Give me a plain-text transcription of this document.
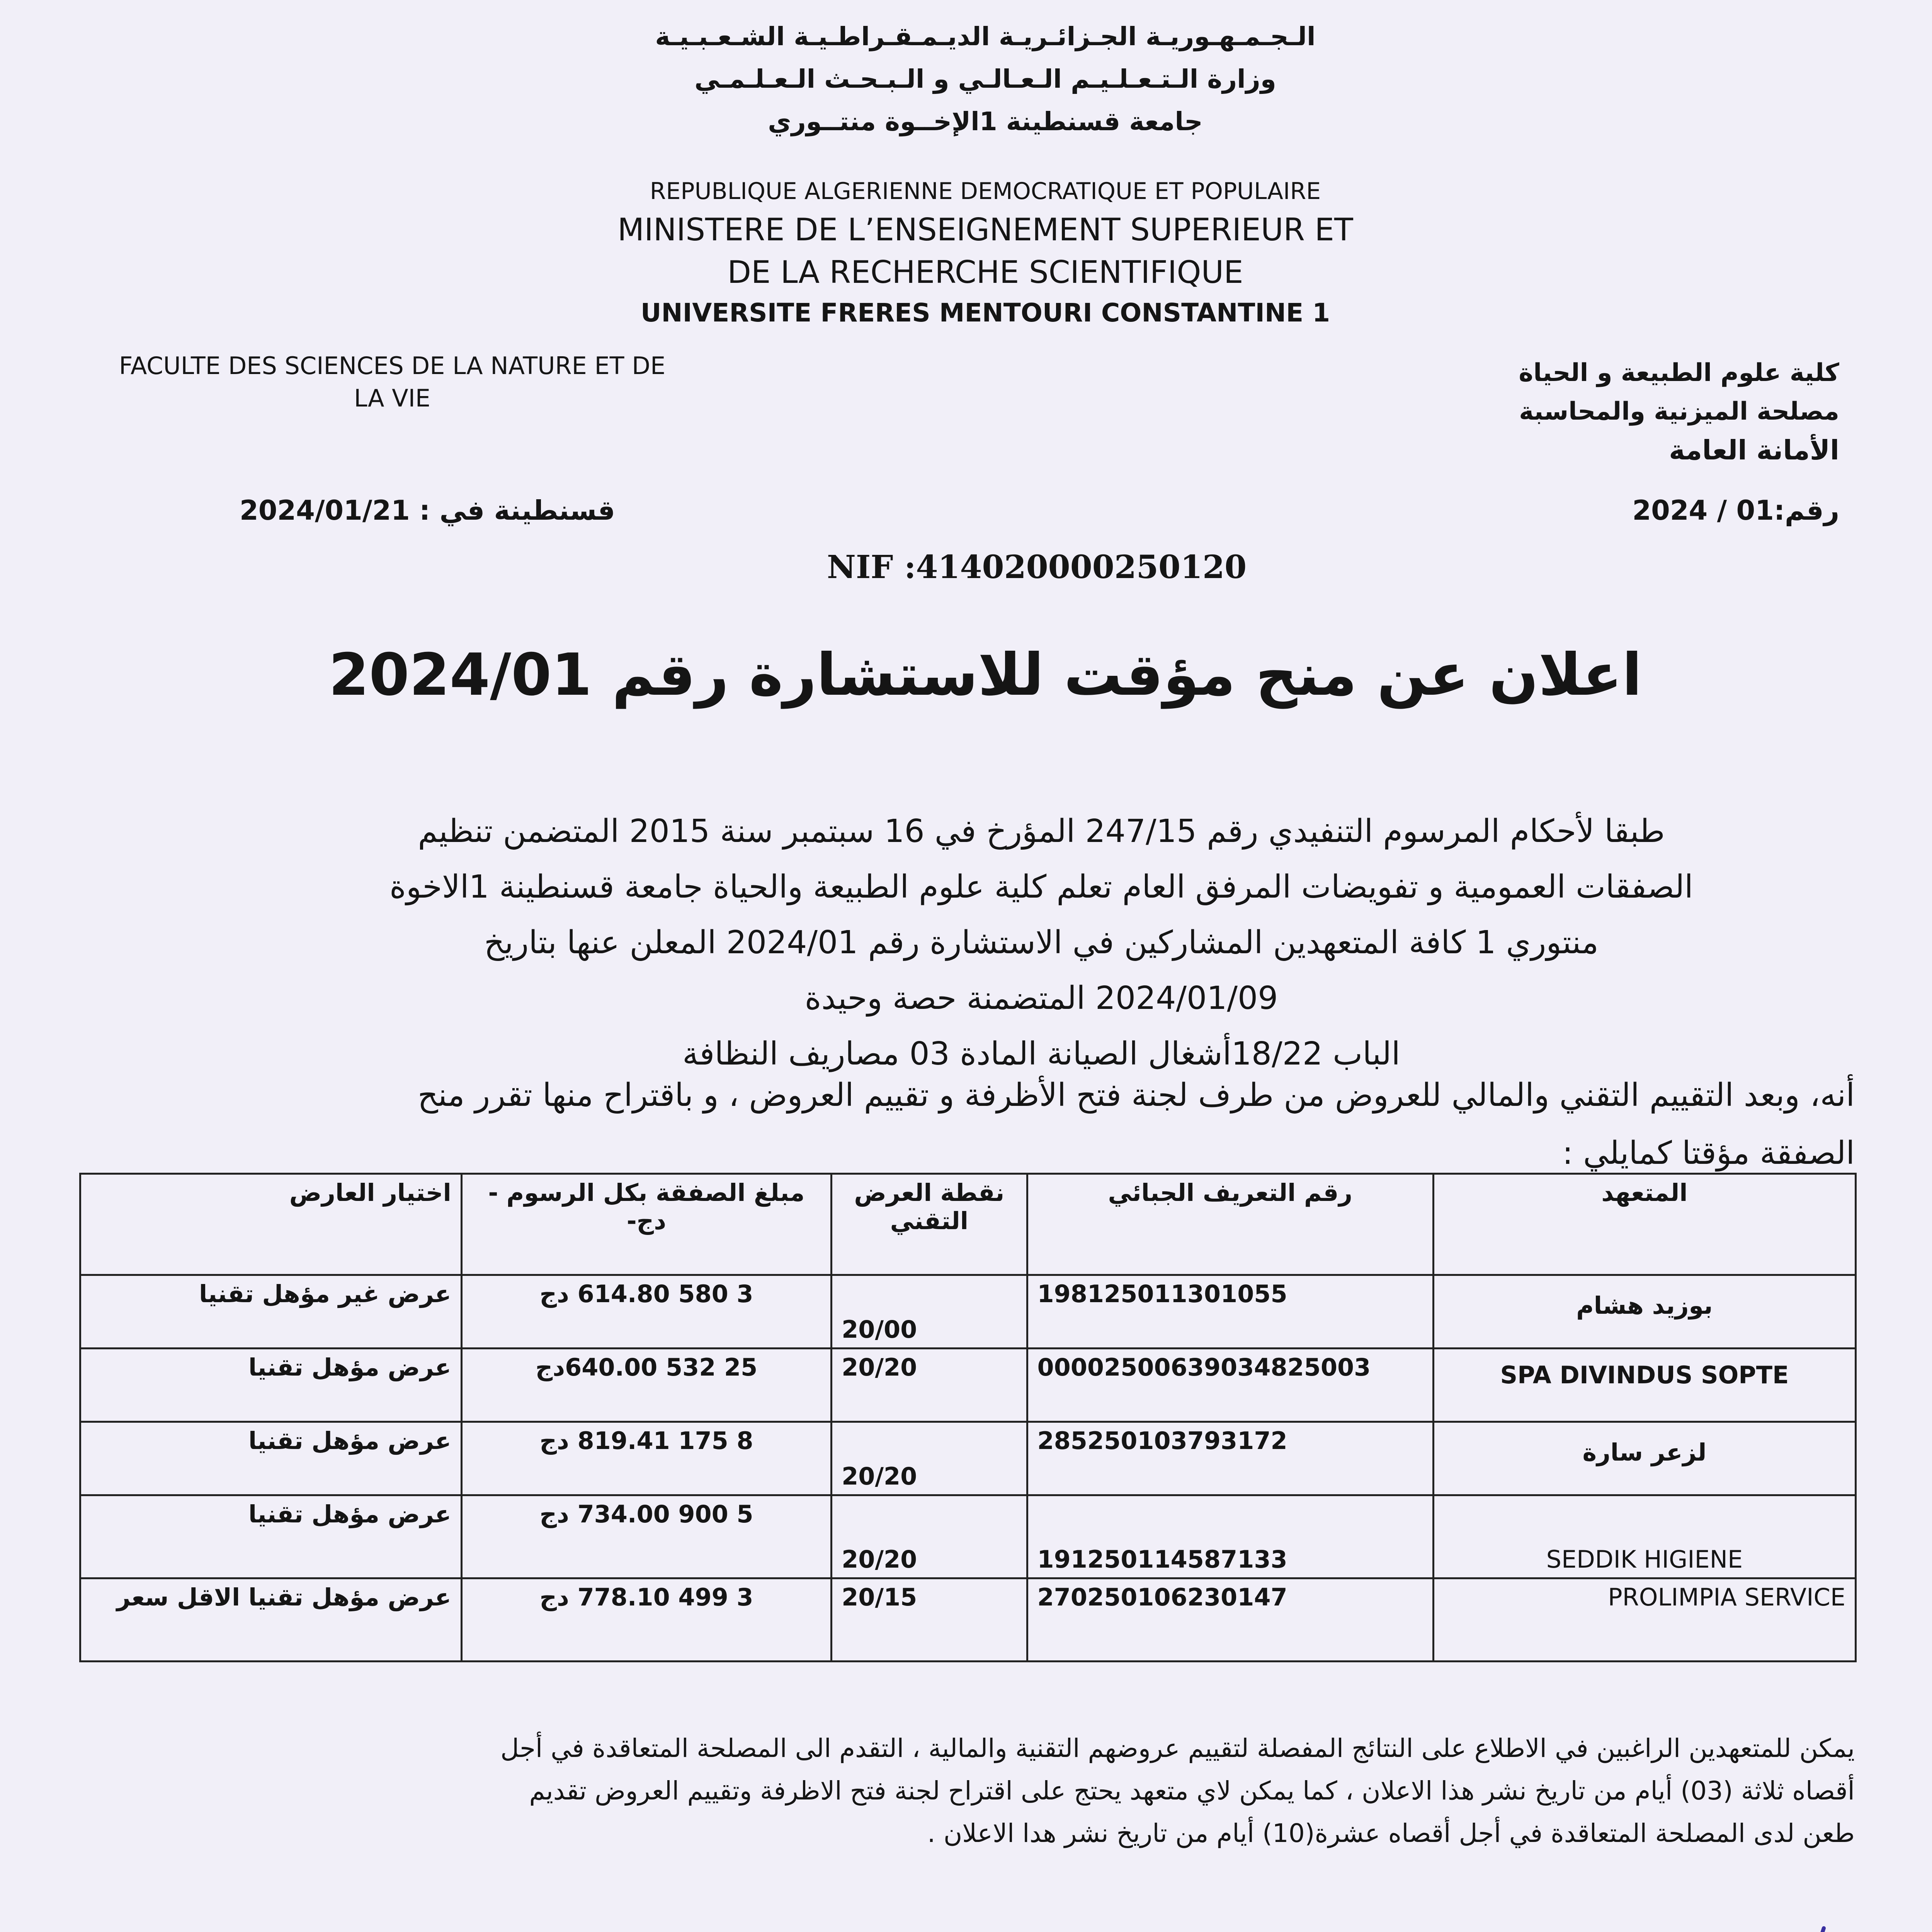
الـجـمـهـوريـة الجـزائـريـة الديـمـقـراطـيـة الشـعـبـيـة
وزارة الـتـعـلـيـم الـعـالـي و الـبـحـث الـعـلـمـي
جامعة قسنطينة 1الإخــوة منتــوري
REPUBLIQUE ALGERIENNE DEMOCRATIQUE ET POPULAIRE
MINISTERE DE L’ENSEIGNEMENT SUPERIEUR ET
DE LA RECHERCHE SCIENTIFIQUE
UNIVERSITE FRERES MENTOURI CONSTANTINE 1
FACULTE DES SCIENCES DE LA NATURE ET DE
LA VIE
كلية علوم الطبيعة و الحياة
مصلحة الميزنية والمحاسبة
الأمانة العامة
رقم:01 / 2024
قسنطينة في : 2024/01/21
NIF :414020000250120
اعلان عن منح مؤقت للاستشارة رقم 2024/01
طبقا لأحكام المرسوم التنفيدي رقم 247/15 المؤرخ في 16 سبتمبر سنة 2015 المتضمن تنظيم
الصفقات العمومية و تفويضات المرفق العام تعلم كلية علوم الطبيعة والحياة جامعة قسنطينة 1الاخوة
منتوري 1 كافة المتعهدين المشاركين في الاستشارة رقم 2024/01 المعلن عنها بتاريخ
2024/01/09 المتضمنة حصة وحيدة
الباب 18/22أشغال الصيانة المادة 03 مصاريف النظافة
أنه، وبعد التقييم التقني والمالي للعروض من طرف لجنة فتح الأظرفة و تقييم العروض ، و باقتراح منها تقرر منح
الصفقة مؤقتا كمايلي :
اختيار العارض	مبلغ الصفقة بكل الرسوم - دج-	نقطة العرض التقني	رقم التعريف الجبائي	المتعهد
عرض غير مؤهل تقنيا	3 580 614.80 دج	20/00	198125011301055	بوزيد هشام
عرض مؤهل تقنيا	25 532 640.00دج	20/20	00002500639034825003	SPA DIVINDUS SOPTE
عرض مؤهل تقنيا	8 175 819.41 دج	20/20	285250103793172	لزعر سارة
عرض مؤهل تقنيا	5 900 734.00 دج	20/20	191250114587133	SEDDIK HIGIENE
عرض مؤهل تقنيا الاقل سعر	3 499 778.10 دج	20/15	270250106230147	PROLIMPIA SERVICE
يمكن للمتعهدين الراغبين في الاطلاع على النتائج المفصلة لتقييم عروضهم التقنية والمالية ، التقدم الى المصلحة المتعاقدة في أجل
أقصاه ثلاثة (03) أيام من تاريخ نشر هذا الاعلان ، كما يمكن لاي متعهد يحتج على اقتراح لجنة فتح الاظرفة وتقييم العروض تقديم
طعن لدى المصلحة المتعاقدة في أجل أقصاه عشرة(10) أيام من تاريخ نشر هدا الاعلان .
